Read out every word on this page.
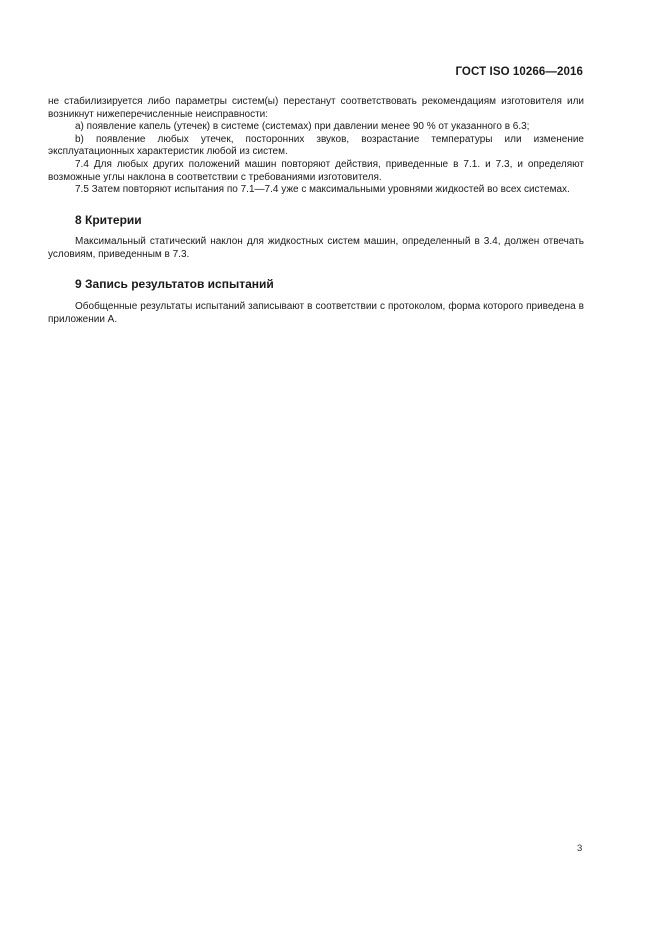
ГОСТ ISO 10266—2016

не стабилизируется либо параметры систем(ы) перестанут соответствовать рекомендациям изготовителя или возникнут нижеперечисленные неисправности:

a) появление капель (утечек) в системе (системах) при давлении менее 90 % от указанного в 6.3;

b) появление любых утечек, посторонних звуков, возрастание температуры или изменение эксплуатационных характеристик любой из систем.

7.4 Для любых других положений машин повторяют действия, приведенные в 7.1. и 7.3, и определяют возможные углы наклона в соответствии с требованиями изготовителя.

7.5 Затем повторяют испытания по 7.1—7.4 уже с максимальными уровнями жидкостей во всех системах.

8 Критерии

Максимальный статический наклон для жидкостных систем машин, определенный в 3.4, должен отвечать условиям, приведенным в 7.3.

9 Запись результатов испытаний

Обобщенные результаты испытаний записывают в соответствии с протоколом, форма которого приведена в приложении А.

3
